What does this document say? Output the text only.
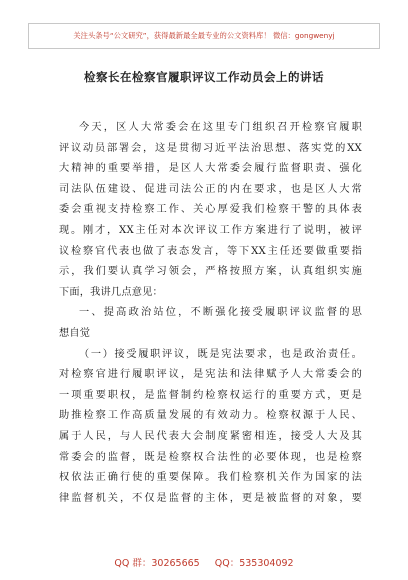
关注头条号“公文研究”，获得最新最全最专业的公文资料库！ 微信：gongwenyj
检察长在检察官履职评议工作动员会上的讲话
今天，区人大常委会在这里专门组织召开检察官履职
评议动员部署会，这是贯彻习近平法治思想、落实党的XX
大精神的重要举措，是区人大常委会履行监督职责、强化
司法队伍建设、促进司法公正的内在要求，也是区人大常
委会重视支持检察工作、关心厚爱我们检察干警的具体表
现。刚才，XX主任对本次评议工作方案进行了说明，被评
议检察官代表也做了表态发言，等下XX主任还要做重要指
示，我们要认真学习领会，严格按照方案，认真组织实施
下面，我讲几点意见：
一、提高政治站位，不断强化接受履职评议监督的思
想自觉
（一）接受履职评议，既是宪法要求，也是政治责任。
对检察官进行履职评议，是宪法和法律赋予人大常委会的
一项重要职权，是监督制约检察权运行的重要方式，更是
助推检察工作高质量发展的有效动力。检察权源于人民、
属于人民，与人民代表大会制度紧密相连，接受人大及其
常委会的监督，既是检察权合法性的必要体现，也是检察
权依法正确行使的重要保障。我们检察机关作为国家的法
律监督机关，不仅是监督的主体，更是被监督的对象，要
QQ 群：30265665 QQ：535304092
